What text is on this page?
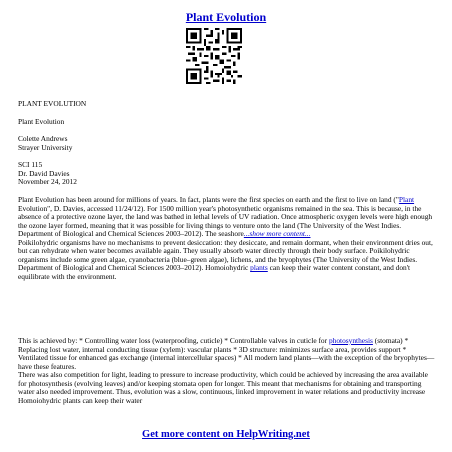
Plant Evolution
PLANT EVOLUTION
Plant Evolution
Colette Andrews
Strayer University
SCI 115
Dr. David Davies
November 24, 2012

Plant Evolution has been around for millions of years. In fact, plants were the first species on earth and the first to live on land ("Plant Evolution", D. Davies, accessed 11/24/12). For 1500 million year's photosynthetic organisms remained in the sea. This is because, in the absence of a protective ozone layer, the land was bathed in lethal levels of UV radiation. Once atmospheric oxygen levels were high enough the ozone layer formed, meaning that it was possible for living things to venture onto the land (The University of the West Indies. Department of Biological and Chemical Sciences 2003–2012). The seashore...show more content...

Poikilohydric organisms have no mechanisms to prevent desiccation: they desiccate, and remain dormant, when their environment dries out, but can rehydrate when water becomes available again. They usually absorb water directly through their body surface. Poikilohydric organisms include some green algae, cyanobacteria (blue–green algae), lichens, and the bryophytes (The University of the West Indies. Department of Biological and Chemical Sciences 2003–2012). Homoiohydric plants can keep their water content constant, and don't equilibrate with the environment.

This is achieved by: * Controlling water loss (waterproofing, cuticle) * Controllable valves in cuticle for photosynthesis (stomata) * Replacing lost water, internal conducting tissue (xylem): vascular plants * 3D structure: minimizes surface area, provides support * Ventilated tissue for enhanced gas exchange (internal intercellular spaces) * All modern land plants—with the exception of the bryophytes—have these features.

There was also competition for light, leading to pressure to increase productivity, which could be achieved by increasing the area available for photosynthesis (evolving leaves) and/or keeping stomata open for longer. This meant that mechanisms for obtaining and transporting water also needed improvement. Thus, evolution was a slow, continuous, linked improvement in water relations and productivity increase Homoiohydric plants can keep their water

Get more content on HelpWriting.net
